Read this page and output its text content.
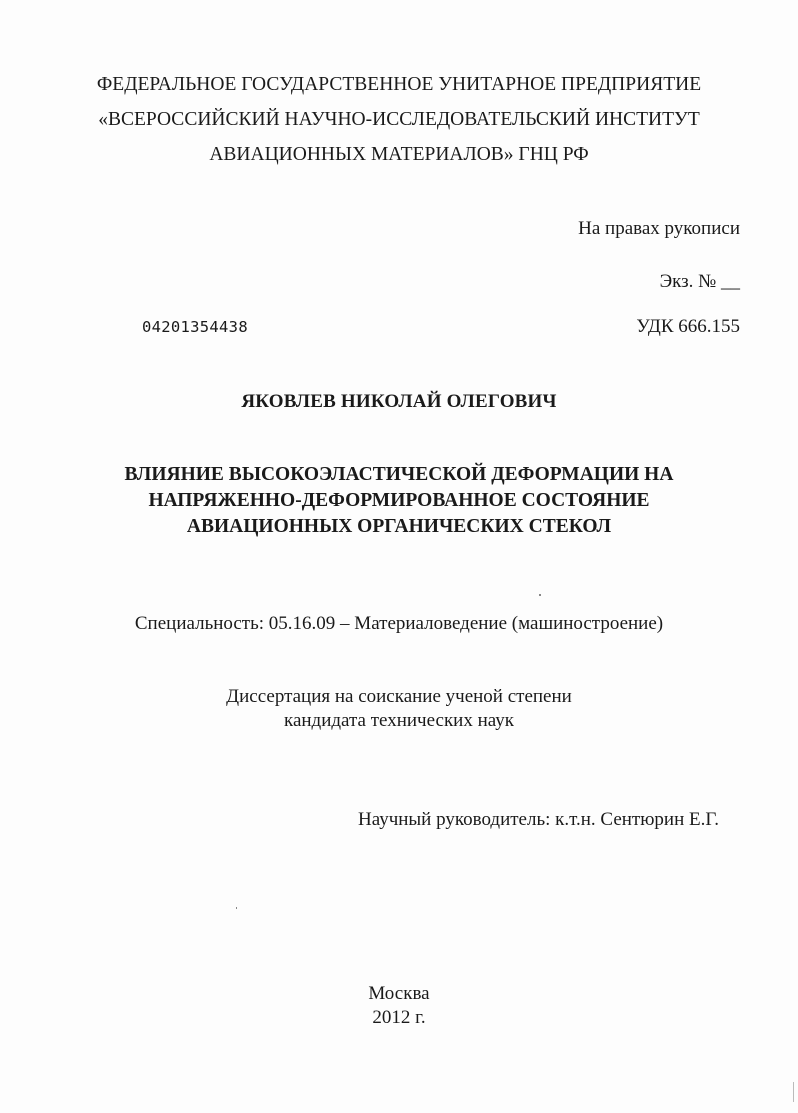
ФЕДЕРАЛЬНОЕ ГОСУДАРСТВЕННОЕ УНИТАРНОЕ ПРЕДПРИЯТИЕ
«ВСЕРОССИЙСКИЙ НАУЧНО-ИССЛЕДОВАТЕЛЬСКИЙ ИНСТИТУТ
АВИАЦИОННЫХ МАТЕРИАЛОВ» ГНЦ РФ
На правах рукописи
Экз. № __
04201354438	УДК 666.155
ЯКОВЛЕВ НИКОЛАЙ ОЛЕГОВИЧ
ВЛИЯНИЕ ВЫСОКОЭЛАСТИЧЕСКОЙ ДЕФОРМАЦИИ НА
НАПРЯЖЕННО-ДЕФОРМИРОВАННОЕ СОСТОЯНИЕ
АВИАЦИОННЫХ ОРГАНИЧЕСКИХ СТЕКОЛ
Специальность: 05.16.09 – Материаловедение (машиностроение)
Диссертация на соискание ученой степени
кандидата технических наук
Научный руководитель: к.т.н. Сентюрин Е.Г.
Москва
2012 г.
